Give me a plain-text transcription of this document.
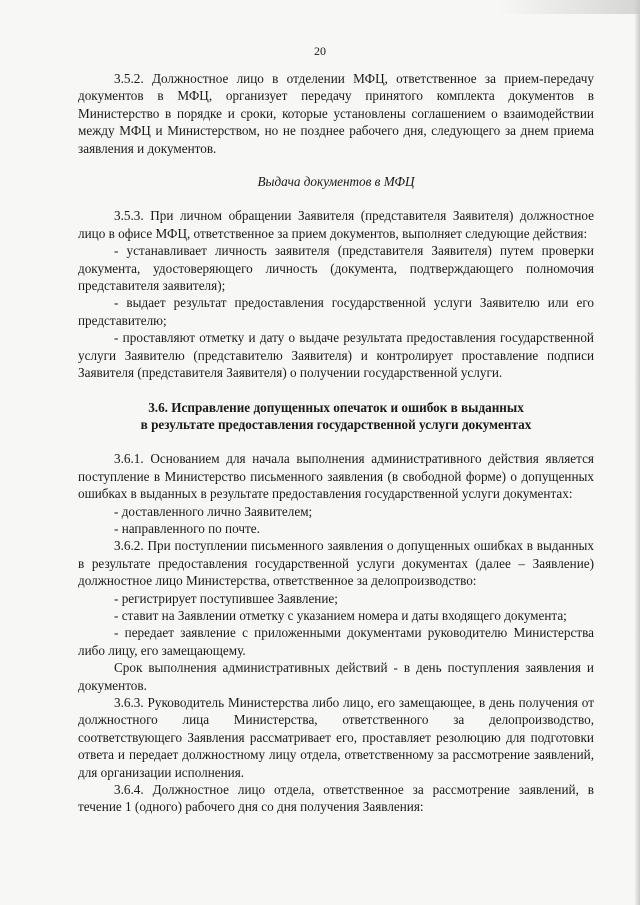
20

3.5.2. Должностное лицо в отделении МФЦ, ответственное за прием-передачу документов в МФЦ, организует передачу принятого комплекта документов в Министерство в порядке и сроки, которые установлены соглашением о взаимодействии между МФЦ и Министерством, но не позднее рабочего дня, следующего за днем приема заявления и документов.

Выдача документов в МФЦ

3.5.3. При личном обращении Заявителя (представителя Заявителя) должностное лицо в офисе МФЦ, ответственное за прием документов, выполняет следующие действия:

- устанавливает личность заявителя (представителя Заявителя) путем проверки документа, удостоверяющего личность (документа, подтверждающего полномочия представителя заявителя);

- выдает результат предоставления государственной услуги Заявителю или его представителю;

- проставляют отметку и дату о выдаче результата предоставления государственной услуги Заявителю (представителю Заявителя) и контролирует проставление подписи Заявителя (представителя Заявителя) о получении государственной услуги.

3.6. Исправление допущенных опечаток и ошибок в выданных
в результате предоставления государственной услуги документах

3.6.1. Основанием для начала выполнения административного действия является поступление в Министерство письменного заявления (в свободной форме) о допущенных ошибках в выданных в результате предоставления государственной услуги документах:

- доставленного лично Заявителем;

- направленного по почте.

3.6.2. При поступлении письменного заявления о допущенных ошибках в выданных в результате предоставления государственной услуги документах (далее – Заявление) должностное лицо Министерства, ответственное за делопроизводство:

- регистрирует поступившее Заявление;

- ставит на Заявлении отметку с указанием номера и даты входящего документа;

- передает заявление с приложенными документами руководителю Министерства либо лицу, его замещающему.

Срок выполнения административных действий - в день поступления заявления и документов.

3.6.3. Руководитель Министерства либо лицо, его замещающее, в день получения от должностного лица Министерства, ответственного за делопроизводство, соответствующего Заявления рассматривает его, проставляет резолюцию для подготовки ответа и передает должностному лицу отдела, ответственному за рассмотрение заявлений, для организации исполнения.

3.6.4. Должностное лицо отдела, ответственное за рассмотрение заявлений, в течение 1 (одного) рабочего дня со дня получения Заявления:
